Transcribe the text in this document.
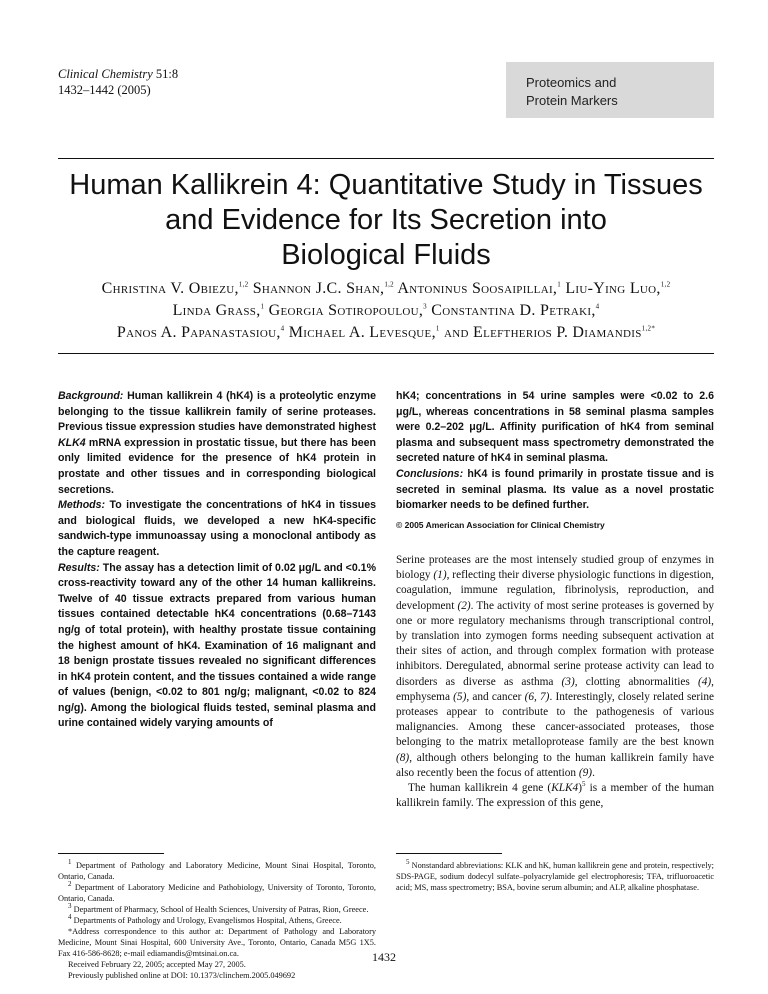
Clinical Chemistry 51:8
1432–1442 (2005)	Proteomics and
Protein Markers
Human Kallikrein 4: Quantitative Study in Tissues
and Evidence for Its Secretion into
Biological Fluids
Christina V. Obiezu,$^{1,2}$ Shannon J.C. Shan,$^{1,2}$ Antoninus Soosaipillai,$^1$ Liu-Ying Luo,$^{1,2}$
Linda Grass,$^1$ Georgia Sotiropoulou,$^3$ Constantina D. Petraki,$^4$
Panos A. Papanastasiou,$^4$ Michael A. Levesque,$^1$ and Eleftherios P. Diamandis$^{1,2*}$
Background: Human kallikrein 4 (hK4) is a proteolytic enzyme belonging to the tissue kallikrein family of serine proteases. Previous tissue expression studies have demonstrated highest KLK4 mRNA expression in prostatic tissue, but there has been only limited evidence for the presence of hK4 protein in prostate and other tissues and in corresponding biological secretions.
Methods: To investigate the concentrations of hK4 in tissues and biological fluids, we developed a new hK4-specific sandwich-type immunoassay using a monoclonal antibody as the capture reagent.
Results: The assay has a detection limit of 0.02 μg/L and <0.1% cross-reactivity toward any of the other 14 human kallikreins. Twelve of 40 tissue extracts prepared from various human tissues contained detectable hK4 concentrations (0.68–7143 ng/g of total protein), with healthy prostate tissue containing the highest amount of hK4. Examination of 16 malignant and 18 benign prostate tissues revealed no significant differences in hK4 protein content, and the tissues contained a wide range of values (benign, <0.02 to 801 ng/g; malignant, <0.02 to 824 ng/g). Among the biological fluids tested, seminal plasma and urine contained widely varying amounts of

$^1$ Department of Pathology and Laboratory Medicine, Mount Sinai Hospital, Toronto, Ontario, Canada.

$^2$ Department of Laboratory Medicine and Pathobiology, University of Toronto, Toronto, Ontario, Canada.

$^3$ Department of Pharmacy, School of Health Sciences, University of Patras, Rion, Greece.

$^4$ Departments of Pathology and Urology, Evangelismos Hospital, Athens, Greece.

*Address correspondence to this author at: Department of Pathology and Laboratory Medicine, Mount Sinai Hospital, 600 University Ave., Toronto, Ontario, Canada M5G 1X5. Fax 416-586-8628; e-mail ediamandis@mtsinai.on.ca.

Received February 22, 2005; accepted May 27, 2005.

Previously published online at DOI: 10.1373/clinchem.2005.049692

hK4; concentrations in 54 urine samples were <0.02 to 2.6 μg/L, whereas concentrations in 58 seminal plasma samples were 0.2–202 μg/L. Affinity purification of hK4 from seminal plasma and subsequent mass spectrometry demonstrated the secreted nature of hK4 in seminal plasma.
Conclusions: hK4 is found primarily in prostate tissue and is secreted in seminal plasma. Its value as a novel prostatic biomarker needs to be defined further.
© 2005 American Association for Clinical Chemistry

Serine proteases are the most intensely studied group of enzymes in biology (1), reflecting their diverse physiologic functions in digestion, coagulation, immune regulation, fibrinolysis, reproduction, and development (2). The activity of most serine proteases is governed by one or more regulatory mechanisms through transcriptional control, by translation into zymogen forms needing subsequent activation at their sites of action, and through complex formation with protease inhibitors. Deregulated, abnormal serine protease activity can lead to disorders as diverse as asthma (3), clotting abnormalities (4), emphysema (5), and cancer (6, 7). Interestingly, closely related serine proteases appear to contribute to the pathogenesis of various malignancies. Among these cancer-associated proteases, those belonging to the matrix metalloprotease family are the best known (8), although others belonging to the human kallikrein family have also recently been the focus of attention (9).

The human kallikrein 4 gene $(KLK4)^5$ is a member of the human kallikrein family. The expression of this gene,

$^5$ Nonstandard abbreviations: KLK and hK, human kallikrein gene and protein, respectively; SDS-PAGE, sodium dodecyl sulfate–polyacrylamide gel electrophoresis; TFA, trifluoroacetic acid; MS, mass spectrometry; BSA, bovine serum albumin; and ALP, alkaline phosphatase.

1432
